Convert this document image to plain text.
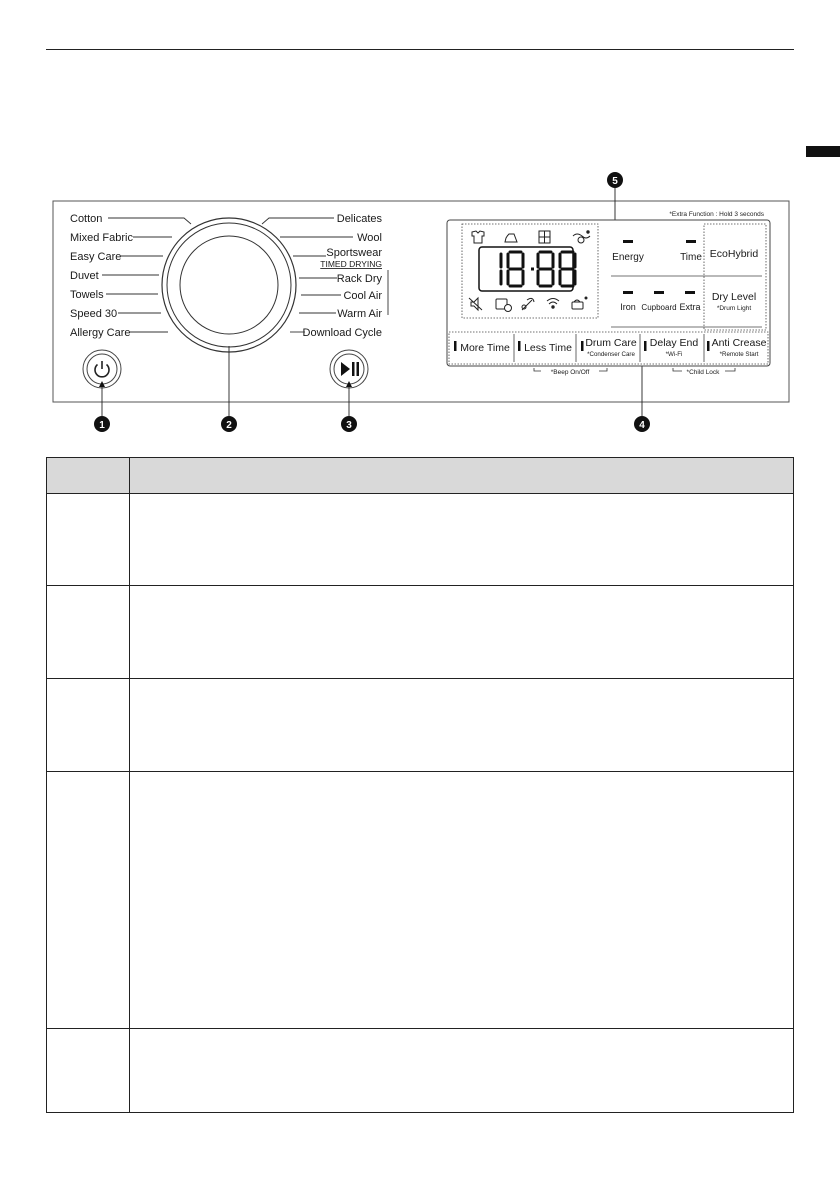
Cotton
Mixed Fabric
Easy Care
Duvet
Towels
Speed 30
Allergy Care
Delicates
Wool
Sportswear
Rack Dry
Cool Air
Warm Air
Download Cycle
TIMED DRYING
1	2	3	4
5
*Extra Function : Hold 3 seconds
Energy	Time EcoHybrid
Iron Cupboard Extra
Dry Level
*Drum Light
More Time Less Time Drum Care Delay End Anti Crease
*Condenser Care	*Wi-Fi	*Remote Start
*Beep On/Off	*Child Lock
